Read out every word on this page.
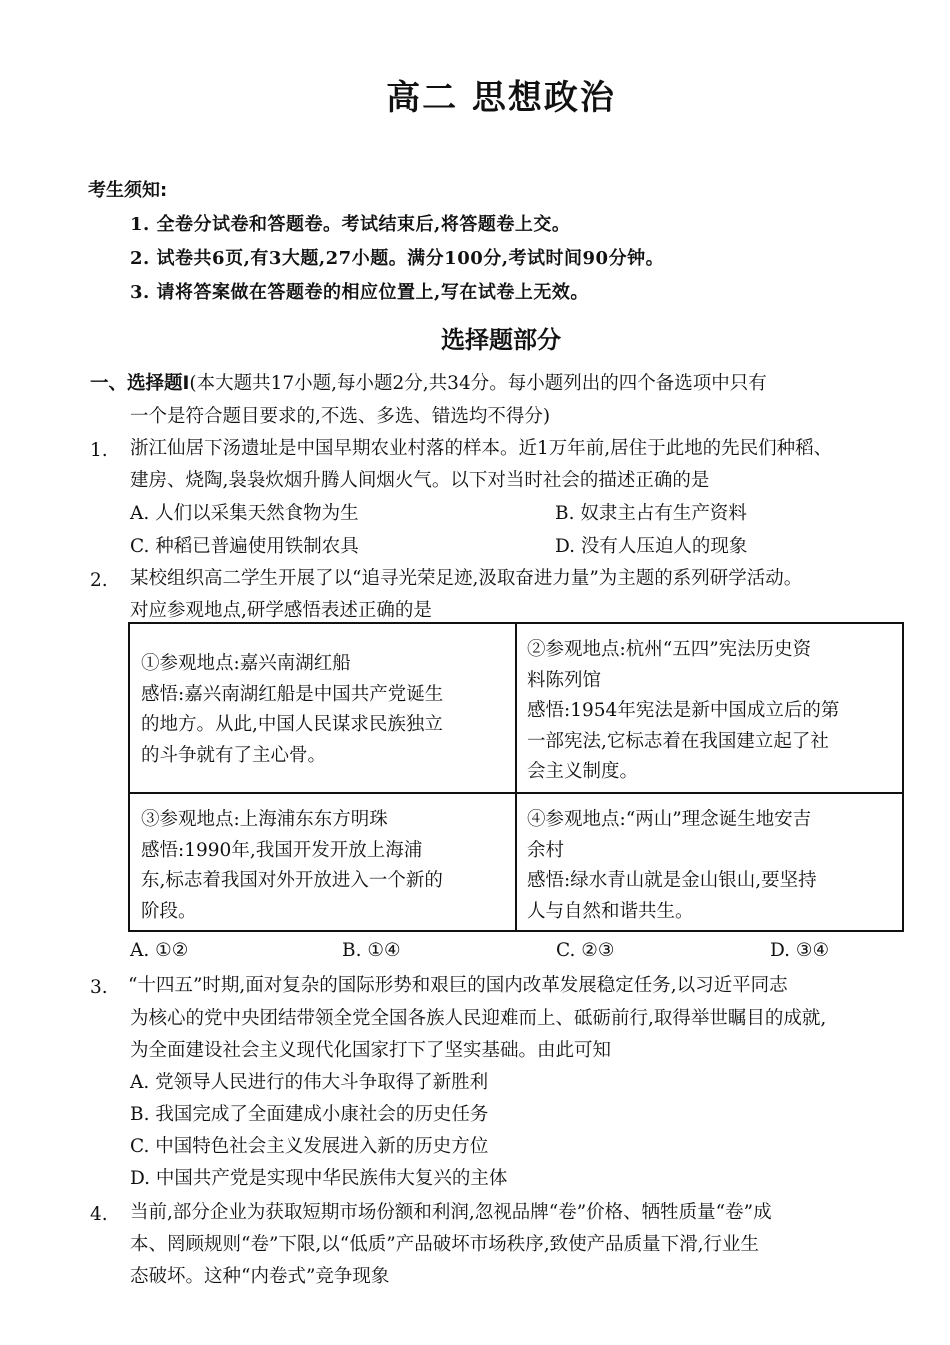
高二 思想政治
考生须知:
1. 全卷分试卷和答题卷。考试结束后,将答题卷上交。
2. 试卷共6页,有3大题,27小题。满分100分,考试时间90分钟。
3. 请将答案做在答题卷的相应位置上,写在试卷上无效。
选择题部分
一、选择题Ⅰ(本大题共17小题,每小题2分,共34分。每小题列出的四个备选项中只有
一个是符合题目要求的,不选、多选、错选均不得分)
1. 浙江仙居下汤遗址是中国早期农业村落的样本。近1万年前,居住于此地的先民们种稻、
建房、烧陶,袅袅炊烟升腾人间烟火气。以下对当时社会的描述正确的是
A. 人们以采集天然食物为生	B. 奴隶主占有生产资料
C. 种稻已普遍使用铁制农具	D. 没有人压迫人的现象
2. 某校组织高二学生开展了以“追寻光荣足迹,汲取奋进力量”为主题的系列研学活动。
对应参观地点,研学感悟表述正确的是
①参观地点:嘉兴南湖红船
感悟:嘉兴南湖红船是中国共产党诞生
的地方。从此,中国人民谋求民族独立
的斗争就有了主心骨。
②参观地点:杭州“五四”宪法历史资
料陈列馆
感悟:1954年宪法是新中国成立后的第
一部宪法,它标志着在我国建立起了社
会主义制度。
③参观地点:上海浦东东方明珠
感悟:1990年,我国开发开放上海浦
东,标志着我国对外开放进入一个新的
阶段。
④参观地点:“两山”理念诞生地安吉
余村
感悟:绿水青山就是金山银山,要坚持
人与自然和谐共生。
A. ①②	B. ①④	C. ②③	D. ③④
3. “十四五”时期,面对复杂的国际形势和艰巨的国内改革发展稳定任务,以习近平同志
为核心的党中央团结带领全党全国各族人民迎难而上、砥砺前行,取得举世瞩目的成就,
为全面建设社会主义现代化国家打下了坚实基础。由此可知
A. 党领导人民进行的伟大斗争取得了新胜利
B. 我国完成了全面建成小康社会的历史任务
C. 中国特色社会主义发展进入新的历史方位
D. 中国共产党是实现中华民族伟大复兴的主体
4. 当前,部分企业为获取短期市场份额和利润,忽视品牌“卷”价格、牺牲质量“卷”成
本、罔顾规则“卷”下限,以“低质”产品破坏市场秩序,致使产品质量下滑,行业生
态破坏。这种“内卷式”竞争现象
